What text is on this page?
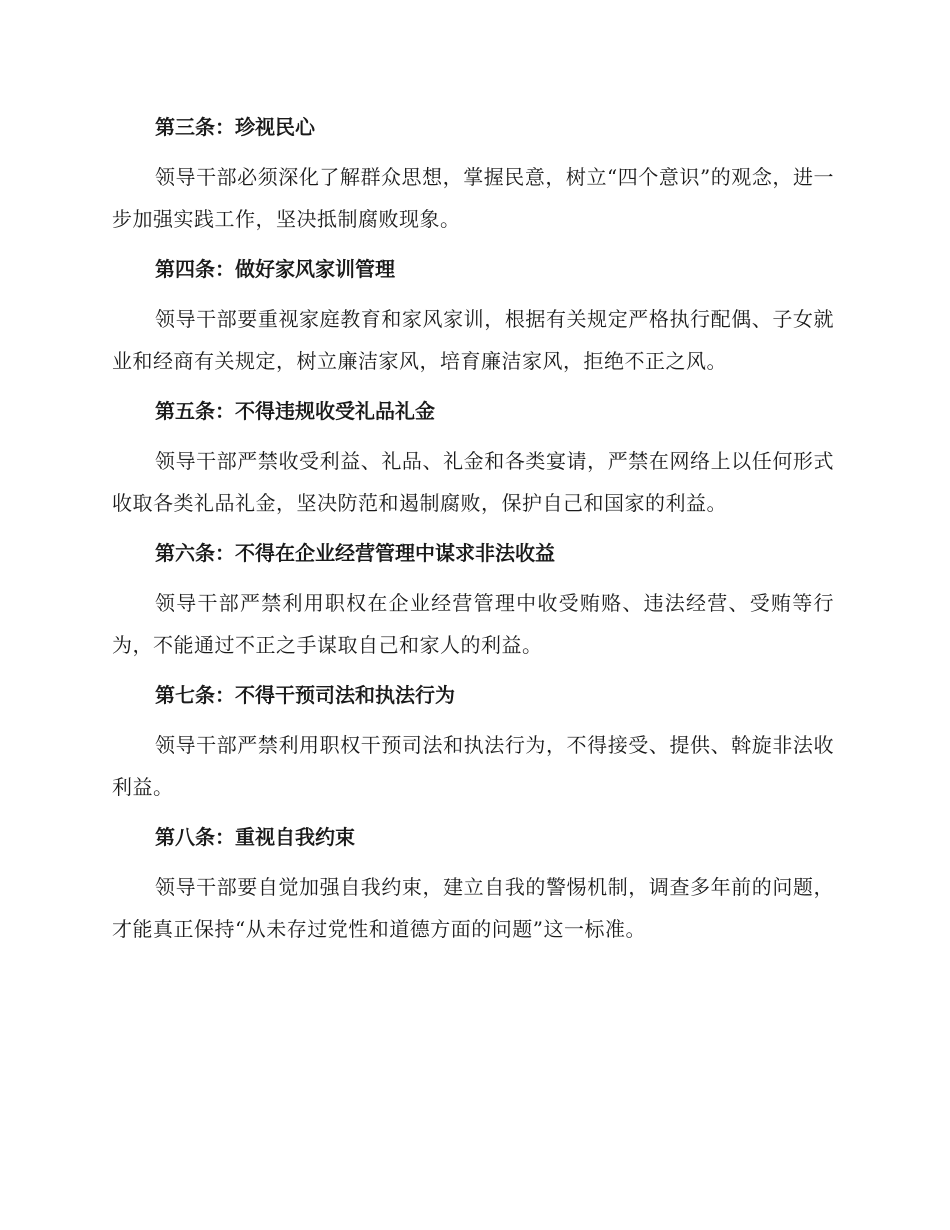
第三条：珍视民心

领导干部必须深化了解群众思想，掌握民意，树立“四个意识”的观念，进一步加强实践工作，坚决抵制腐败现象。

第四条：做好家风家训管理

领导干部要重视家庭教育和家风家训，根据有关规定严格执行配偶、子女就业和经商有关规定，树立廉洁家风，培育廉洁家风，拒绝不正之风。

第五条：不得违规收受礼品礼金

领导干部严禁收受利益、礼品、礼金和各类宴请，严禁在网络上以任何形式收取各类礼品礼金，坚决防范和遏制腐败，保护自己和国家的利益。

第六条：不得在企业经营管理中谋求非法收益

领导干部严禁利用职权在企业经营管理中收受贿赂、违法经营、受贿等行为，不能通过不正之手谋取自己和家人的利益。

第七条：不得干预司法和执法行为

领导干部严禁利用职权干预司法和执法行为，不得接受、提供、斡旋非法收利益。

第八条：重视自我约束

领导干部要自觉加强自我约束，建立自我的警惕机制，调查多年前的问题，才能真正保持“从未存过党性和道德方面的问题”这一标准。
